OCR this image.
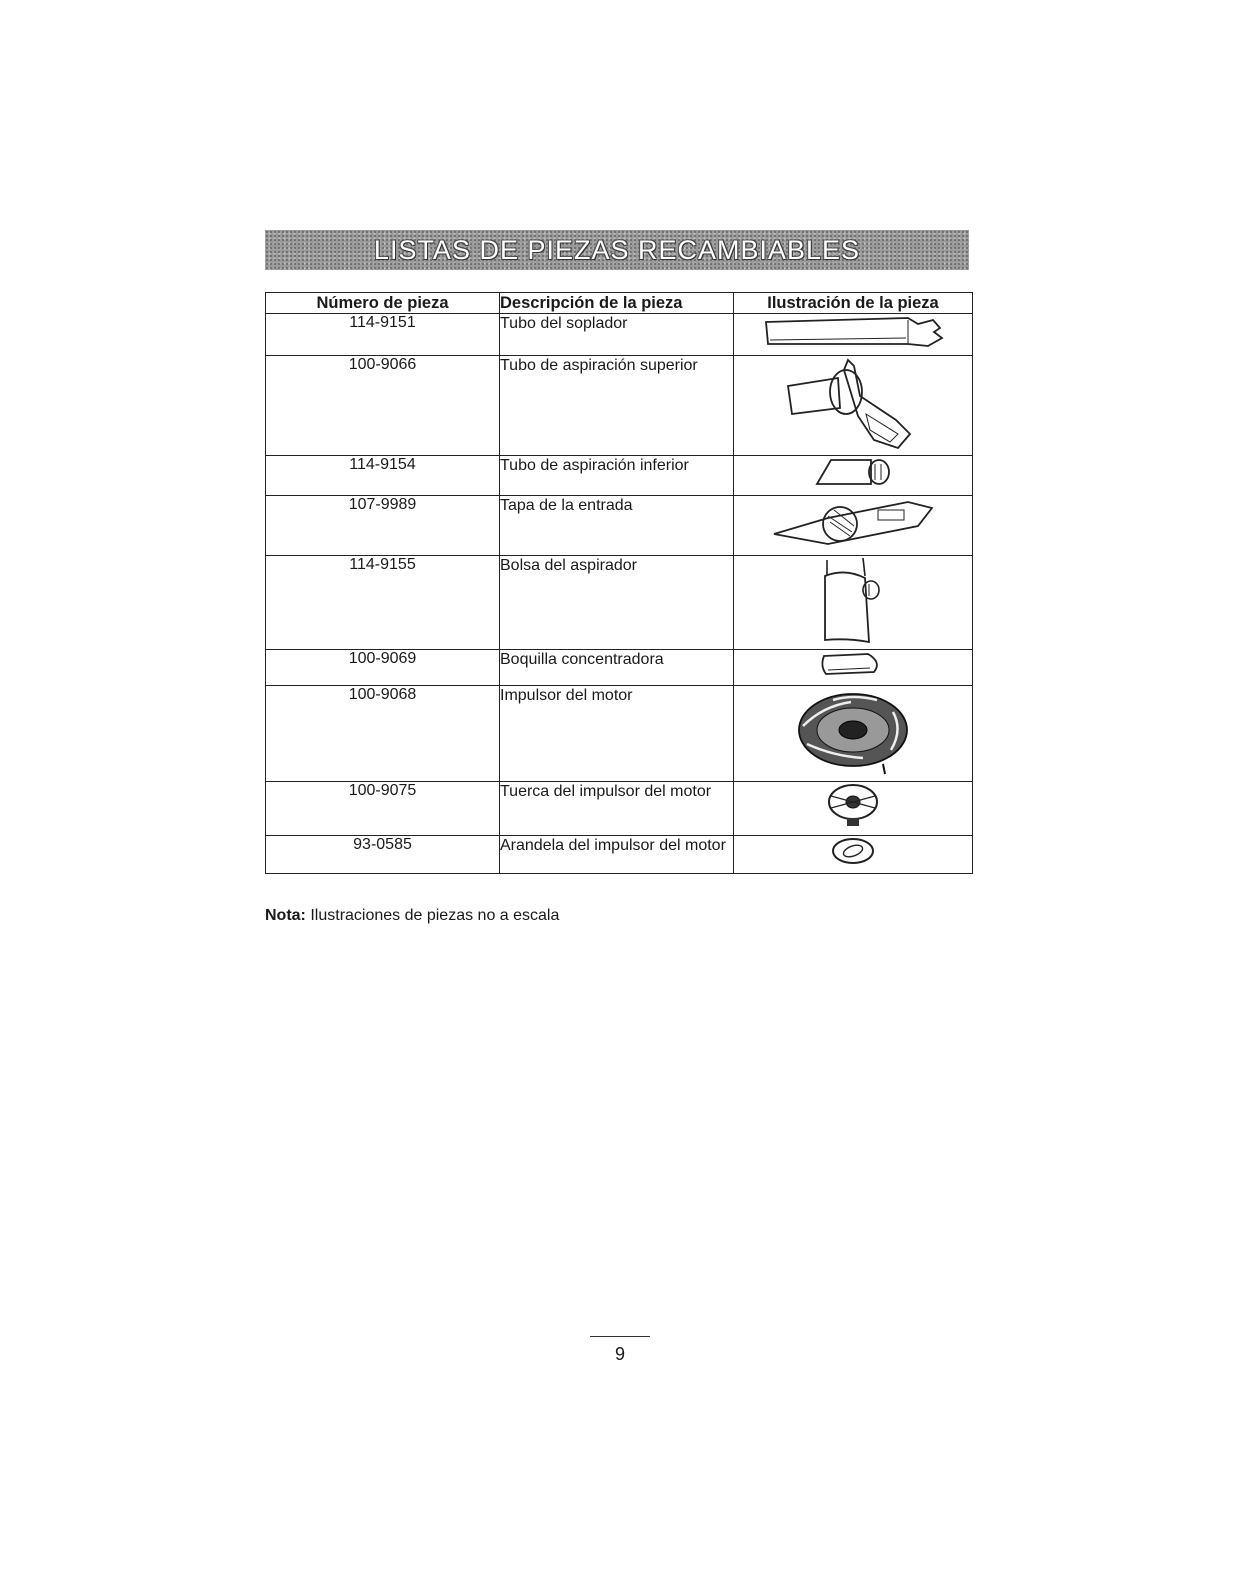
LISTAS DE PIEZAS RECAMBIABLES
Número de pieza	Descripción de la pieza	Ilustración de la pieza
114-9151	Tubo del soplador	

100-9066	Tubo de aspiración superior	

114-9154	Tubo de aspiración inferior	

107-9989	Tapa de la entrada	

114-9155	Bolsa del aspirador	

100-9069	Boquilla concentradora	

100-9068	Impulsor del motor	

100-9075	Tuerca del impulsor del motor	

93-0585	Arandela del impulsor del motor	
Nota: Ilustraciones de piezas no a escala
9
